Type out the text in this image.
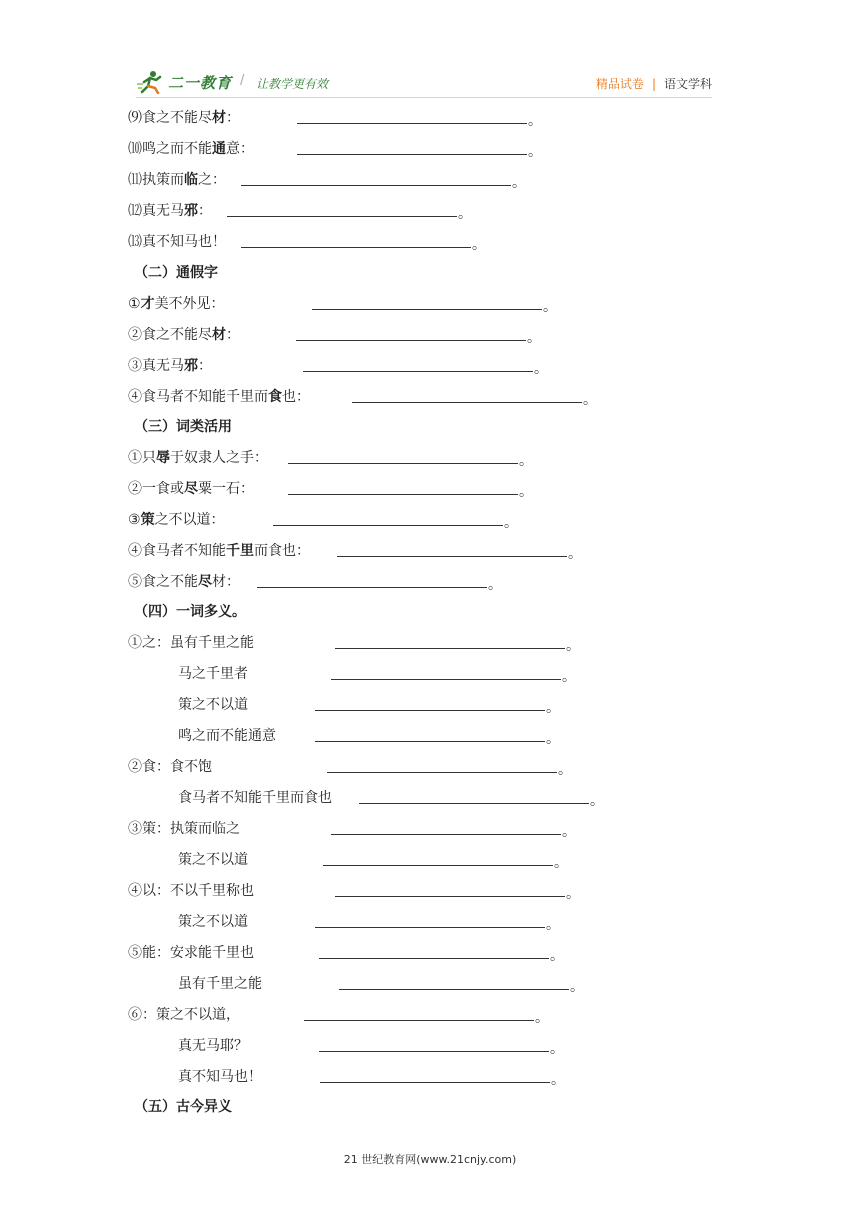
二一教育 / 让教学更有效	精品试卷 | 语文学科
⑼食之不能尽材：	。
⑽鸣之而不能通意：	。
⑾执策而临之：	。
⑿真无马邪：	。
⒀真不知马也！	。
（二）通假字
①才美不外见：	。
②食之不能尽材：	。
③真无马邪：	。
④食马者不知能千里而食也：	。
（三）词类活用
①只辱于奴隶人之手：	。
②一食或尽粟一石：	。
③策之不以道：	。
④食马者不知能千里而食也：	。
⑤食之不能尽材：	。
（四）一词多义。
①之：虽有千里之能	。
马之千里者	。
策之不以道	。
鸣之而不能通意	。
②食：食不饱	。
食马者不知能千里而食也	。
③策：执策而临之	。
策之不以道	。
④以：不以千里称也	。
策之不以道	。
⑤能：安求能千里也	。
虽有千里之能	。
⑥：策之不以道，	。
真无马耶？	。
真不知马也！	。
（五）古今异义
21 世纪教育网(www.21cnjy.com)
